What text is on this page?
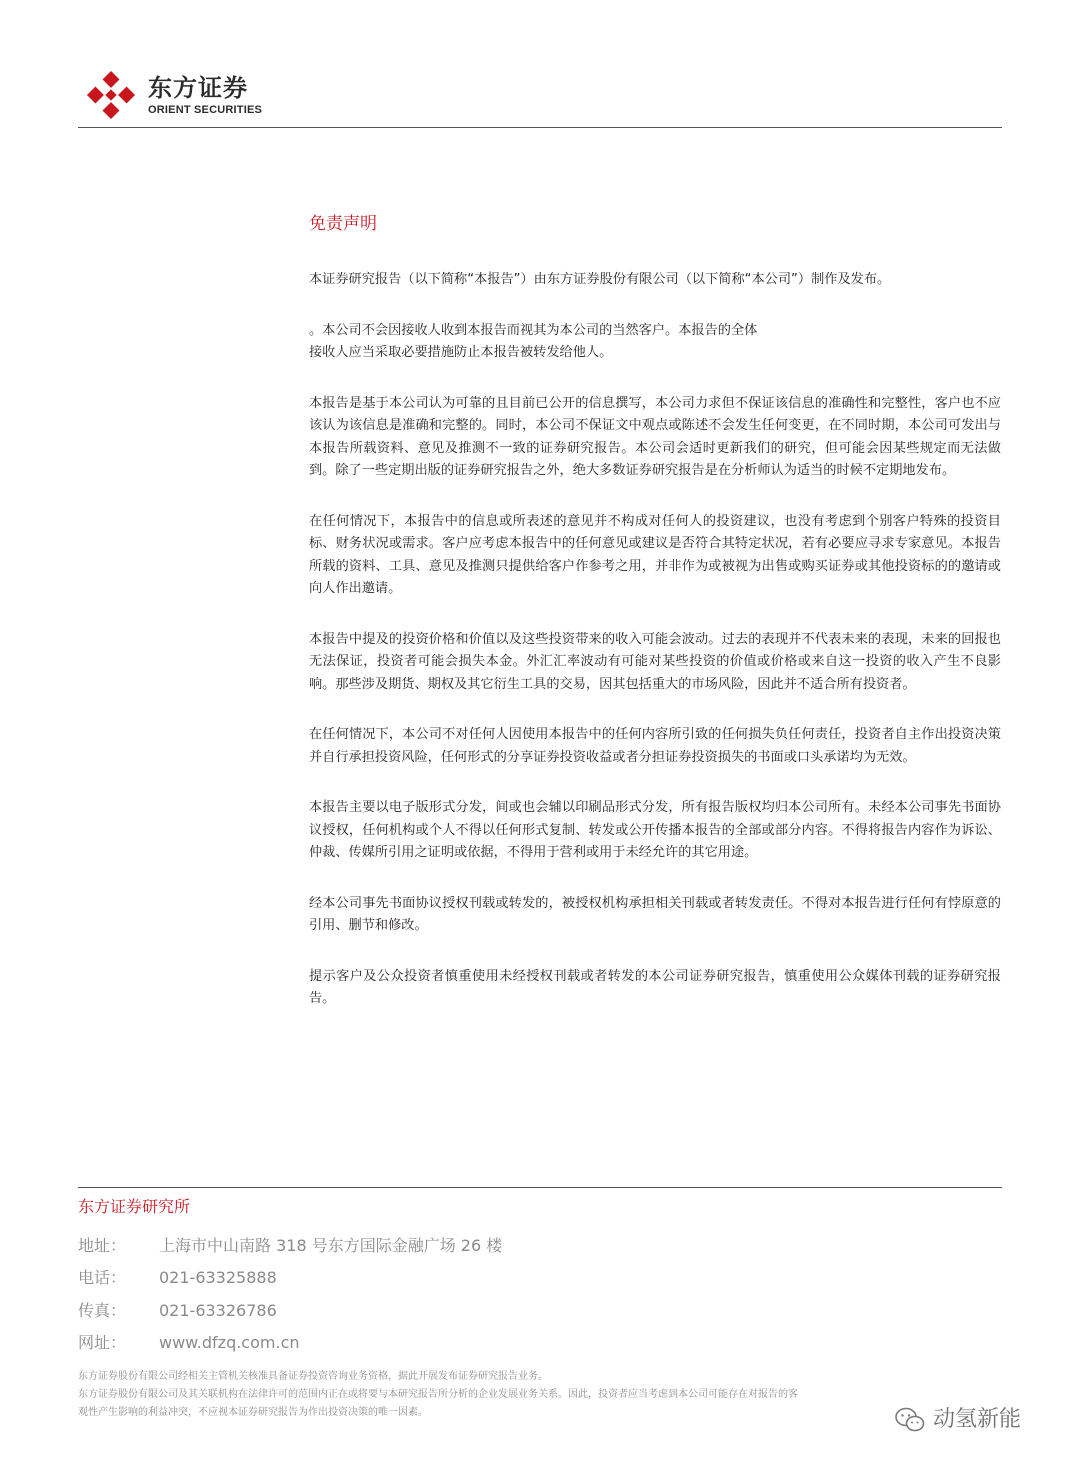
东方证券
ORIENT SECURITIES
免责声明

本证券研究报告（以下简称“本报告”）由东方证券股份有限公司（以下简称“本公司”）制作及发布。

。本公司不会因接收人收到本报告而视其为本公司的当然客户。本报告的全体
接收人应当采取必要措施防止本报告被转发给他人。

本报告是基于本公司认为可靠的且目前已公开的信息撰写，本公司力求但不保证该信息的准确性和完整性，客户也不应该认为该信息是准确和完整的。同时，本公司不保证文中观点或陈述不会发生任何变更，在不同时期，本公司可发出与本报告所载资料、意见及推测不一致的证券研究报告。本公司会适时更新我们的研究，但可能会因某些规定而无法做到。除了一些定期出版的证券研究报告之外，绝大多数证券研究报告是在分析师认为适当的时候不定期地发布。

在任何情况下，本报告中的信息或所表述的意见并不构成对任何人的投资建议，也没有考虑到个别客户特殊的投资目标、财务状况或需求。客户应考虑本报告中的任何意见或建议是否符合其特定状况，若有必要应寻求专家意见。本报告所载的资料、工具、意见及推测只提供给客户作参考之用，并非作为或被视为出售或购买证券或其他投资标的的邀请或向人作出邀请。

本报告中提及的投资价格和价值以及这些投资带来的收入可能会波动。过去的表现并不代表未来的表现，未来的回报也无法保证，投资者可能会损失本金。外汇汇率波动有可能对某些投资的价值或价格或来自这一投资的收入产生不良影响。那些涉及期货、期权及其它衍生工具的交易，因其包括重大的市场风险，因此并不适合所有投资者。

在任何情况下，本公司不对任何人因使用本报告中的任何内容所引致的任何损失负任何责任，投资者自主作出投资决策并自行承担投资风险，任何形式的分享证券投资收益或者分担证券投资损失的书面或口头承诺均为无效。

本报告主要以电子版形式分发，间或也会辅以印刷品形式分发，所有报告版权均归本公司所有。未经本公司事先书面协议授权，任何机构或个人不得以任何形式复制、转发或公开传播本报告的全部或部分内容。不得将报告内容作为诉讼、仲裁、传媒所引用之证明或依据，不得用于营利或用于未经允许的其它用途。

经本公司事先书面协议授权刊载或转发的，被授权机构承担相关刊载或者转发责任。不得对本报告进行任何有悖原意的引用、删节和修改。

提示客户及公众投资者慎重使用未经授权刊载或者转发的本公司证券研究报告，慎重使用公众媒体刊载的证券研究报告。

东方证券研究所
地址： 上海市中山南路 318 号东方国际金融广场 26 楼
电话： 021-63325888
传真： 021-63326786
网址： www.dfzq.com.cn
东方证券股份有限公司经相关主管机关核准具备证券投资咨询业务资格，据此开展发布证券研究报告业务。
东方证券股份有限公司及其关联机构在法律许可的范围内正在或将要与本研究报告所分析的企业发展业务关系。因此，投资者应当考虑到本公司可能存在对报告的客
观性产生影响的利益冲突，不应视本证券研究报告为作出投资决策的唯一因素。	动氢新能
